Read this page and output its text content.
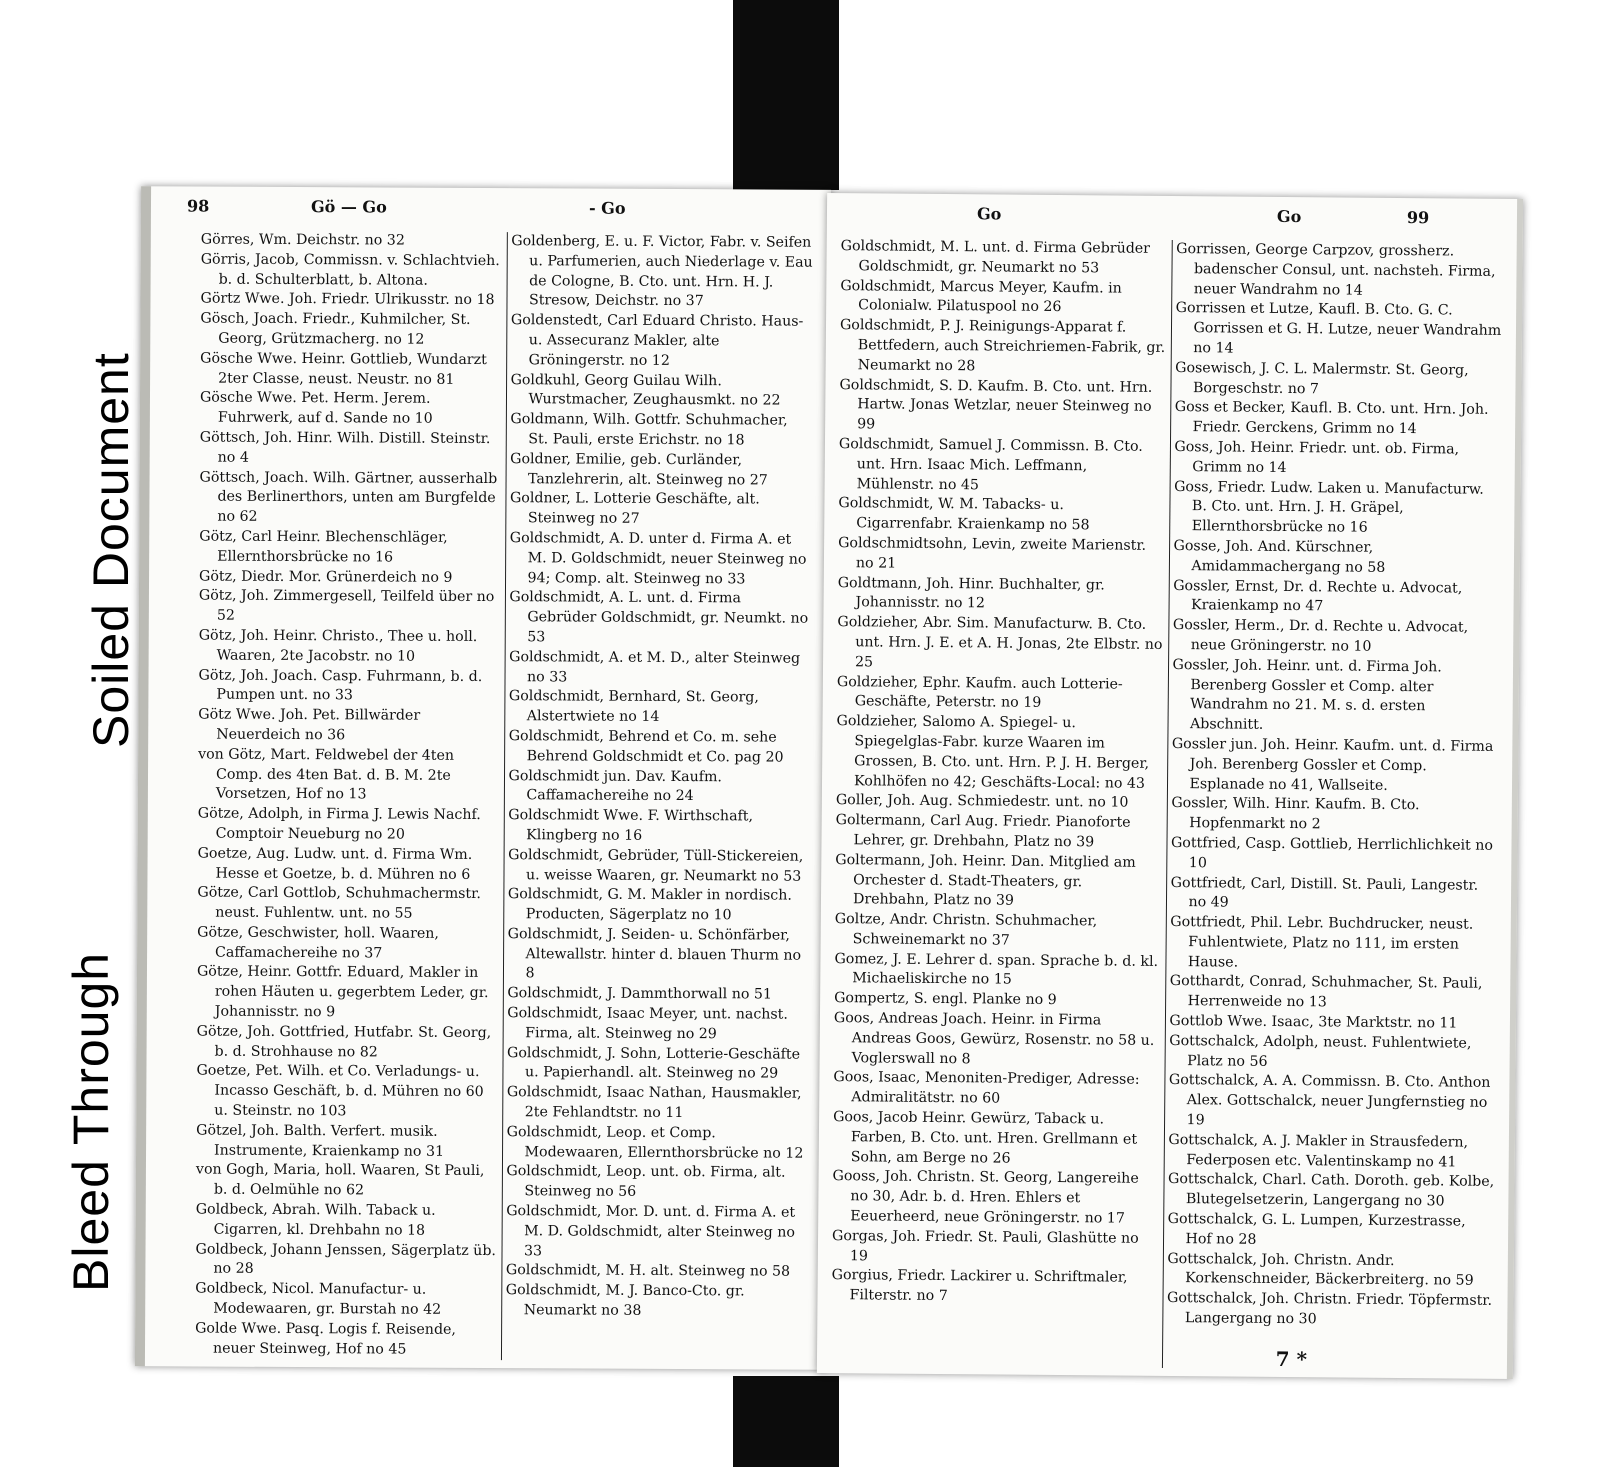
Soiled Document
Bleed Through
98	Gö — Go	- Go

Görres, Wm. Deichstr. no 32

Görris, Jacob, Commissn. v. Schlachtvieh. b. d. Schulterblatt, b. Altona.

Görtz Wwe. Joh. Friedr. Ulrikusstr. no 18

Gösch, Joach. Friedr., Kuhmilcher, St. Georg, Grützmacherg. no 12

Gösche Wwe. Heinr. Gottlieb, Wundarzt 2ter Classe, neust. Neustr. no 81

Gösche Wwe. Pet. Herm. Jerem. Fuhrwerk, auf d. Sande no 10

Göttsch, Joh. Hinr. Wilh. Distill. Steinstr. no 4

Göttsch, Joach. Wilh. Gärtner, ausserhalb des Berlinerthors, unten am Burgfelde no 62

Götz, Carl Heinr. Blechenschläger, Ellernthorsbrücke no 16

Götz, Diedr. Mor. Grünerdeich no 9

Götz, Joh. Zimmergesell, Teilfeld über no 52

Götz, Joh. Heinr. Christo., Thee u. holl. Waaren, 2te Jacobstr. no 10

Götz, Joh. Joach. Casp. Fuhrmann, b. d. Pumpen unt. no 33

Götz Wwe. Joh. Pet. Billwärder Neuerdeich no 36

von Götz, Mart. Feldwebel der 4ten Comp. des 4ten Bat. d. B. M. 2te Vorsetzen, Hof no 13

Götze, Adolph, in Firma J. Lewis Nachf. Comptoir Neueburg no 20

Goetze, Aug. Ludw. unt. d. Firma Wm. Hesse et Goetze, b. d. Mühren no 6

Götze, Carl Gottlob, Schuhmachermstr. neust. Fuhlentw. unt. no 55

Götze, Geschwister, holl. Waaren, Caffamachereihe no 37

Götze, Heinr. Gottfr. Eduard, Makler in rohen Häuten u. gegerbtem Leder, gr. Johannisstr. no 9

Götze, Joh. Gottfried, Hutfabr. St. Georg, b. d. Strohhause no 82

Goetze, Pet. Wilh. et Co. Verladungs- u. Incasso Geschäft, b. d. Mühren no 60 u. Steinstr. no 103

Götzel, Joh. Balth. Verfert. musik. Instrumente, Kraienkamp no 31

von Gogh, Maria, holl. Waaren, St Pauli, b. d. Oelmühle no 62

Goldbeck, Abrah. Wilh. Taback u. Cigarren, kl. Drehbahn no 18

Goldbeck, Johann Jenssen, Sägerplatz üb. no 28

Goldbeck, Nicol. Manufactur- u. Modewaaren, gr. Burstah no 42

Golde Wwe. Pasq. Logis f. Reisende, neuer Steinweg, Hof no 45

Goldenberg, E. u. F. Victor, Fabr. v. Seifen u. Parfumerien, auch Niederlage v. Eau de Cologne, B. Cto. unt. Hrn. H. J. Stresow, Deichstr. no 37

Goldenstedt, Carl Eduard Christo. Haus- u. Assecuranz Makler, alte Gröningerstr. no 12

Goldkuhl, Georg Guilau Wilh. Wurstmacher, Zeughausmkt. no 22

Goldmann, Wilh. Gottfr. Schuhmacher, St. Pauli, erste Erichstr. no 18

Goldner, Emilie, geb. Curländer, Tanzlehrerin, alt. Steinweg no 27

Goldner, L. Lotterie Geschäfte, alt. Steinweg no 27

Goldschmidt, A. D. unter d. Firma A. et M. D. Goldschmidt, neuer Steinweg no 94; Comp. alt. Steinweg no 33

Goldschmidt, A. L. unt. d. Firma Gebrüder Goldschmidt, gr. Neumkt. no 53

Goldschmidt, A. et M. D., alter Steinweg no 33

Goldschmidt, Bernhard, St. Georg, Alstertwiete no 14

Goldschmidt, Behrend et Co. m. sehe Behrend Goldschmidt et Co. pag 20

Goldschmidt jun. Dav. Kaufm. Caffamachereihe no 24

Goldschmidt Wwe. F. Wirthschaft, Klingberg no 16

Goldschmidt, Gebrüder, Tüll-Stickereien, u. weisse Waaren, gr. Neumarkt no 53

Goldschmidt, G. M. Makler in nordisch. Producten, Sägerplatz no 10

Goldschmidt, J. Seiden- u. Schönfärber, Altewallstr. hinter d. blauen Thurm no 8

Goldschmidt, J. Dammthorwall no 51

Goldschmidt, Isaac Meyer, unt. nachst. Firma, alt. Steinweg no 29

Goldschmidt, J. Sohn, Lotterie-Geschäfte u. Papierhandl. alt. Steinweg no 29

Goldschmidt, Isaac Nathan, Hausmakler, 2te Fehlandtstr. no 11

Goldschmidt, Leop. et Comp. Modewaaren, Ellernthorsbrücke no 12

Goldschmidt, Leop. unt. ob. Firma, alt. Steinweg no 56

Goldschmidt, Mor. D. unt. d. Firma A. et M. D. Goldschmidt, alter Steinweg no 33

Goldschmidt, M. H. alt. Steinweg no 58

Goldschmidt, M. J. Banco-Cto. gr. Neumarkt no 38

Go	Go	99

Goldschmidt, M. L. unt. d. Firma Gebrüder Goldschmidt, gr. Neumarkt no 53

Goldschmidt, Marcus Meyer, Kaufm. in Colonialw. Pilatuspool no 26

Goldschmidt, P. J. Reinigungs-Apparat f. Bettfedern, auch Streichriemen-Fabrik, gr. Neumarkt no 28

Goldschmidt, S. D. Kaufm. B. Cto. unt. Hrn. Hartw. Jonas Wetzlar, neuer Steinweg no 99

Goldschmidt, Samuel J. Commissn. B. Cto. unt. Hrn. Isaac Mich. Leffmann, Mühlenstr. no 45

Goldschmidt, W. M. Tabacks- u. Cigarrenfabr. Kraienkamp no 58

Goldschmidtsohn, Levin, zweite Marienstr. no 21

Goldtmann, Joh. Hinr. Buchhalter, gr. Johannisstr. no 12

Goldzieher, Abr. Sim. Manufacturw. B. Cto. unt. Hrn. J. E. et A. H. Jonas, 2te Elbstr. no 25

Goldzieher, Ephr. Kaufm. auch Lotterie-Geschäfte, Peterstr. no 19

Goldzieher, Salomo A. Spiegel- u. Spiegelglas-Fabr. kurze Waaren im Grossen, B. Cto. unt. Hrn. P. J. H. Berger, Kohlhöfen no 42; Geschäfts-Local: no 43

Goller, Joh. Aug. Schmiedestr. unt. no 10

Goltermann, Carl Aug. Friedr. Pianoforte Lehrer, gr. Drehbahn, Platz no 39

Goltermann, Joh. Heinr. Dan. Mitglied am Orchester d. Stadt-Theaters, gr. Drehbahn, Platz no 39

Goltze, Andr. Christn. Schuhmacher, Schweinemarkt no 37

Gomez, J. E. Lehrer d. span. Sprache b. d. kl. Michaeliskirche no 15

Gompertz, S. engl. Planke no 9

Goos, Andreas Joach. Heinr. in Firma Andreas Goos, Gewürz, Rosenstr. no 58 u. Voglerswall no 8

Goos, Isaac, Menoniten-Prediger, Adresse: Admiralitätstr. no 60

Goos, Jacob Heinr. Gewürz, Taback u. Farben, B. Cto. unt. Hren. Grellmann et Sohn, am Berge no 26

Gooss, Joh. Christn. St. Georg, Langereihe no 30, Adr. b. d. Hren. Ehlers et Eeuerheerd, neue Gröningerstr. no 17

Gorgas, Joh. Friedr. St. Pauli, Glashütte no 19

Gorgius, Friedr. Lackirer u. Schriftmaler, Filterstr. no 7

Gorrissen, George Carpzov, grossherz. badenscher Consul, unt. nachsteh. Firma, neuer Wandrahm no 14

Gorrissen et Lutze, Kaufl. B. Cto. G. C. Gorrissen et G. H. Lutze, neuer Wandrahm no 14

Gosewisch, J. C. L. Malermstr. St. Georg, Borgeschstr. no 7

Goss et Becker, Kaufl. B. Cto. unt. Hrn. Joh. Friedr. Gerckens, Grimm no 14

Goss, Joh. Heinr. Friedr. unt. ob. Firma, Grimm no 14

Goss, Friedr. Ludw. Laken u. Manufacturw. B. Cto. unt. Hrn. J. H. Gräpel, Ellernthorsbrücke no 16

Gosse, Joh. And. Kürschner, Amidammachergang no 58

Gossler, Ernst, Dr. d. Rechte u. Advocat, Kraienkamp no 47

Gossler, Herm., Dr. d. Rechte u. Advocat, neue Gröningerstr. no 10

Gossler, Joh. Heinr. unt. d. Firma Joh. Berenberg Gossler et Comp. alter Wandrahm no 21. M. s. d. ersten Abschnitt.

Gossler jun. Joh. Heinr. Kaufm. unt. d. Firma Joh. Berenberg Gossler et Comp. Esplanade no 41, Wallseite.

Gossler, Wilh. Hinr. Kaufm. B. Cto. Hopfenmarkt no 2

Gottfried, Casp. Gottlieb, Herrlichlichkeit no 10

Gottfriedt, Carl, Distill. St. Pauli, Langestr. no 49

Gottfriedt, Phil. Lebr. Buchdrucker, neust. Fuhlentwiete, Platz no 111, im ersten Hause.

Gotthardt, Conrad, Schuhmacher, St. Pauli, Herrenweide no 13

Gottlob Wwe. Isaac, 3te Marktstr. no 11

Gottschalck, Adolph, neust. Fuhlentwiete, Platz no 56

Gottschalck, A. A. Commissn. B. Cto. Anthon Alex. Gottschalck, neuer Jungfernstieg no 19

Gottschalck, A. J. Makler in Strausfedern, Federposen etc. Valentinskamp no 41

Gottschalck, Charl. Cath. Doroth. geb. Kolbe, Blutegelsetzerin, Langergang no 30

Gottschalck, G. L. Lumpen, Kurzestrasse, Hof no 28

Gottschalck, Joh. Christn. Andr. Korkenschneider, Bäckerbreiterg. no 59

Gottschalck, Joh. Christn. Friedr. Töpfermstr. Langergang no 30

7 *
